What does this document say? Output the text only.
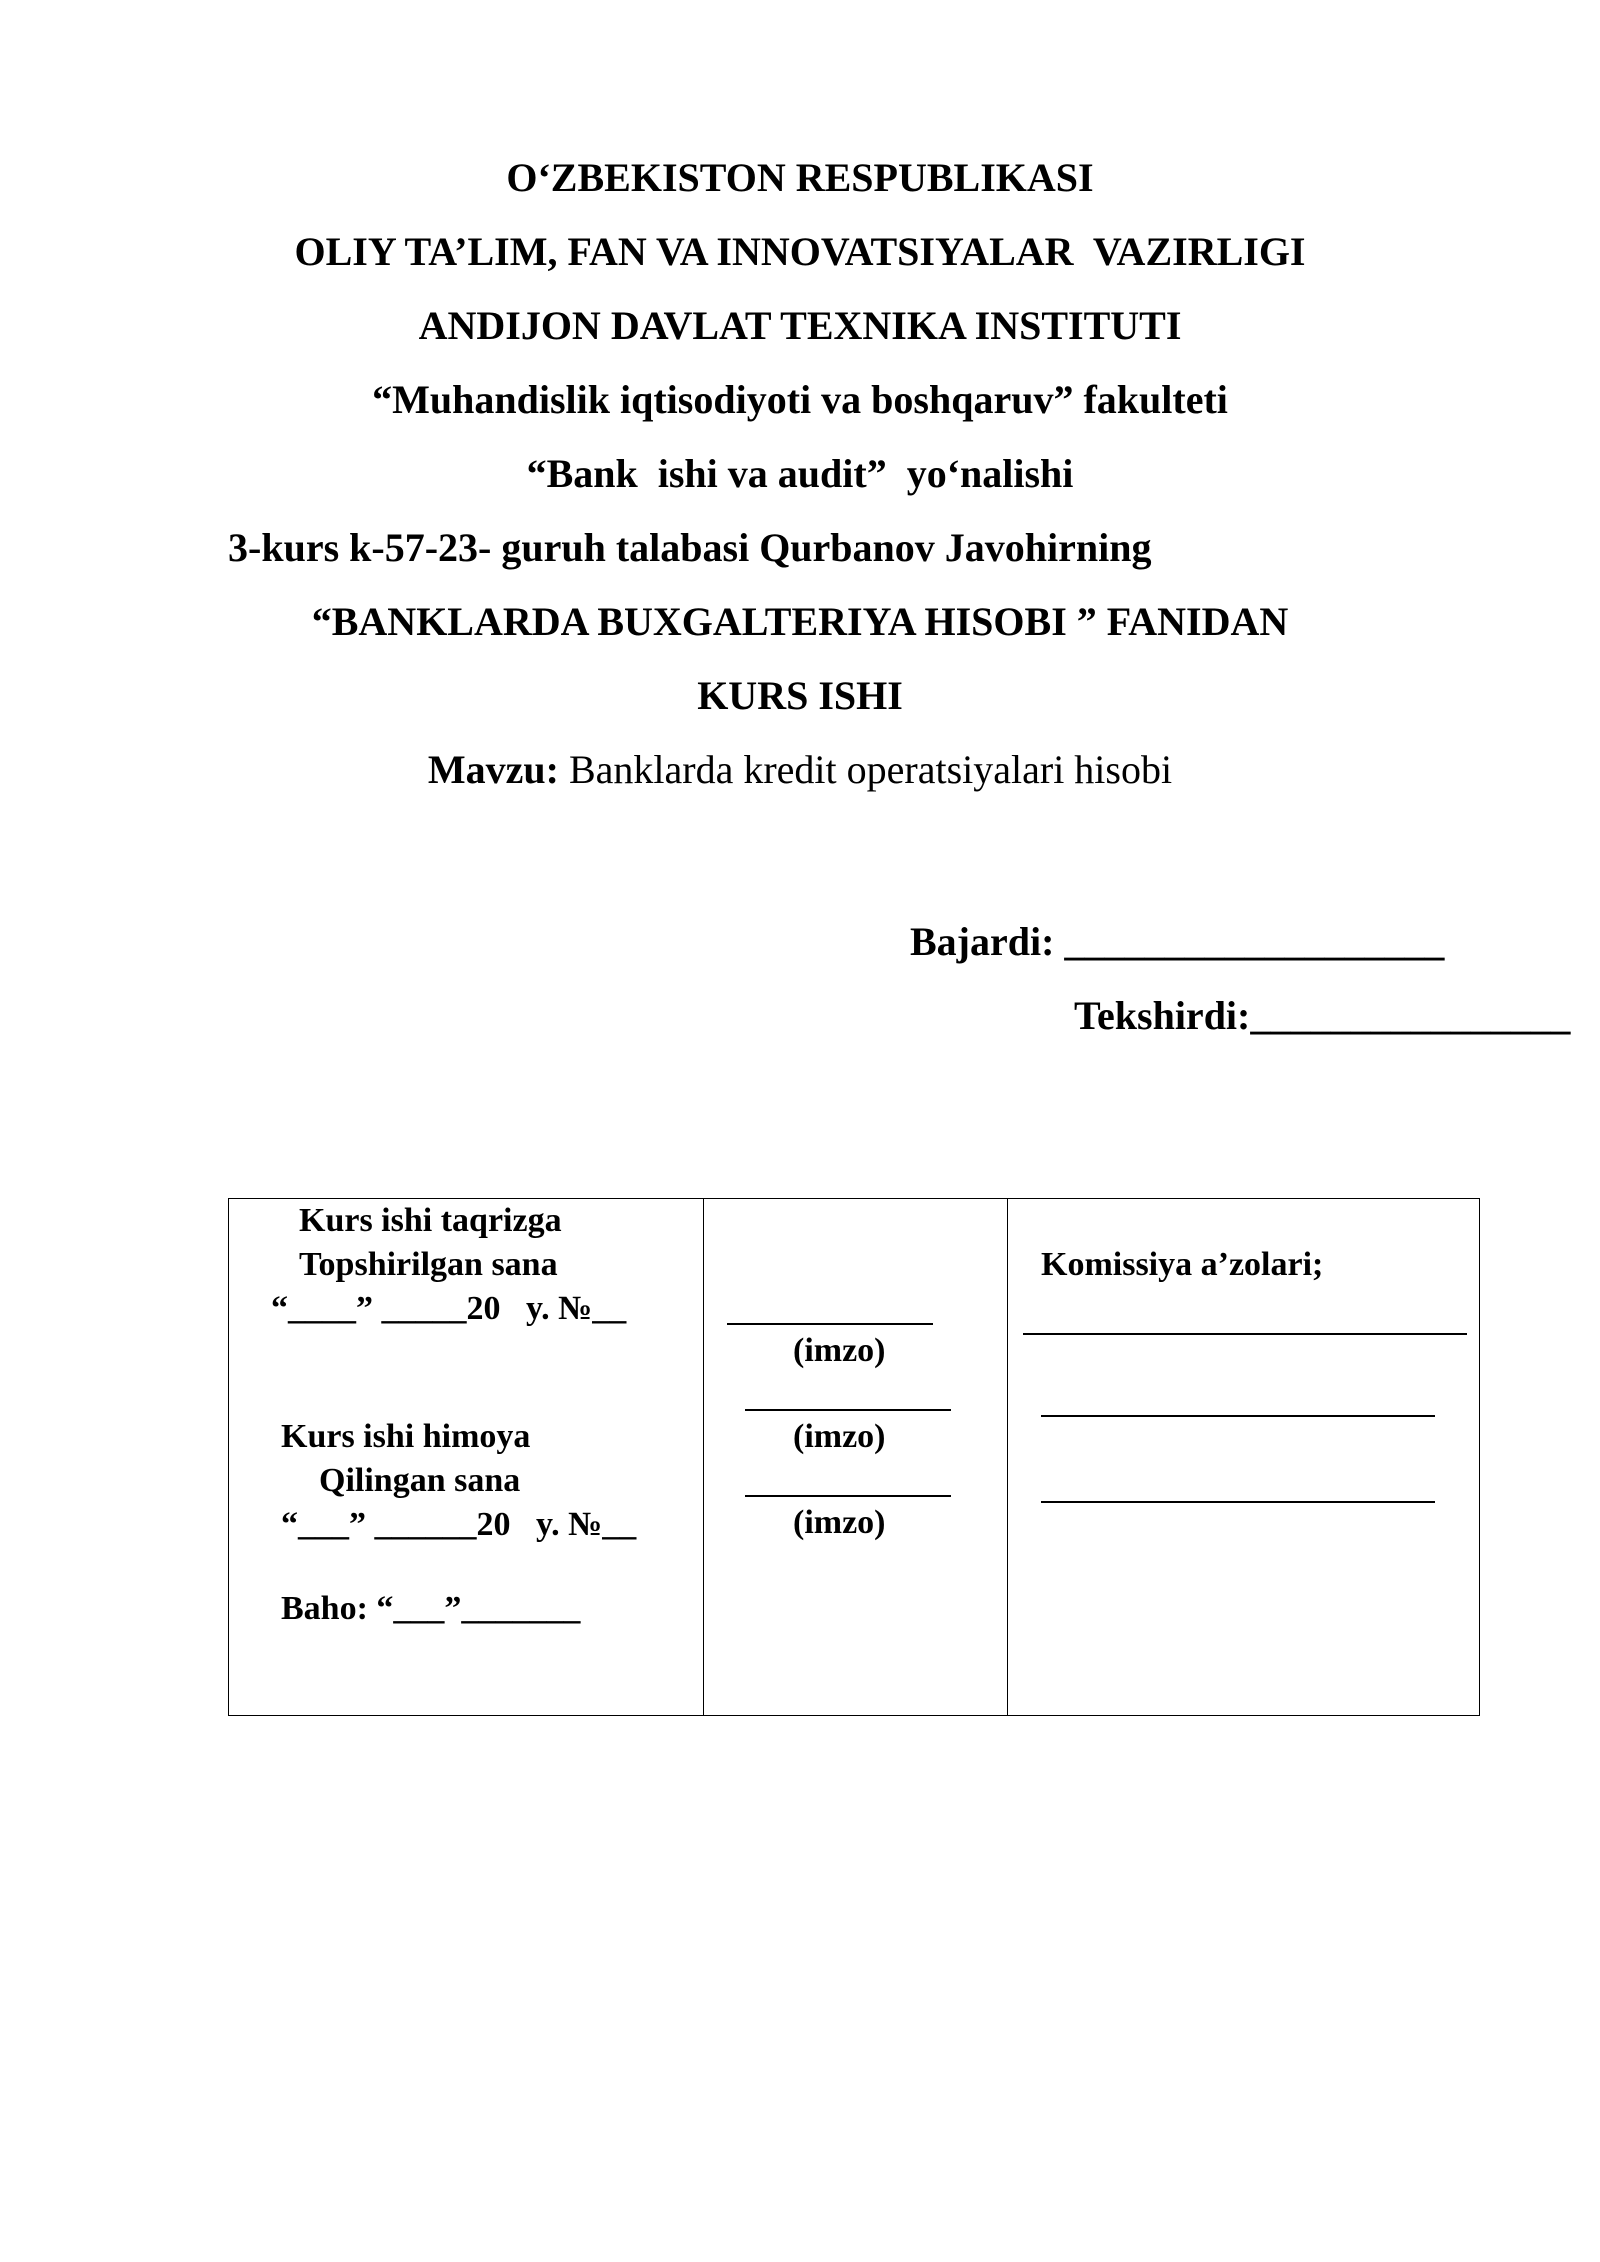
O‘ZBEKISTON RESPUBLIKASI
OLIY TA’LIM, FAN VA INNOVATSIYALAR  VAZIRLIGI
ANDIJON DAVLAT TEXNIKA INSTITUTI
“Muhandislik iqtisodiyoti va boshqaruv” fakulteti
“Bank  ishi va audit”  yo‘nalishi
3-kurs k-57-23- guruh talabasi Qurbanov Javohirning
“BANKLARDA BUXGALTERIYA HISOBI ” FANIDAN
KURS ISHI
Mavzu: Banklarda kredit operatsiyalari hisobi
Bajardi: ___________________
Tekshirdi:________________
Kurs ishi taqrizga
Topshirilgan sana
“____” _____20   y. №__
Kurs ishi himoya
Qilingan sana
“___” ______20   y. №__
Baho: “___”_______
(imzo)
(imzo)
(imzo)
Komissiya a’zolari;
